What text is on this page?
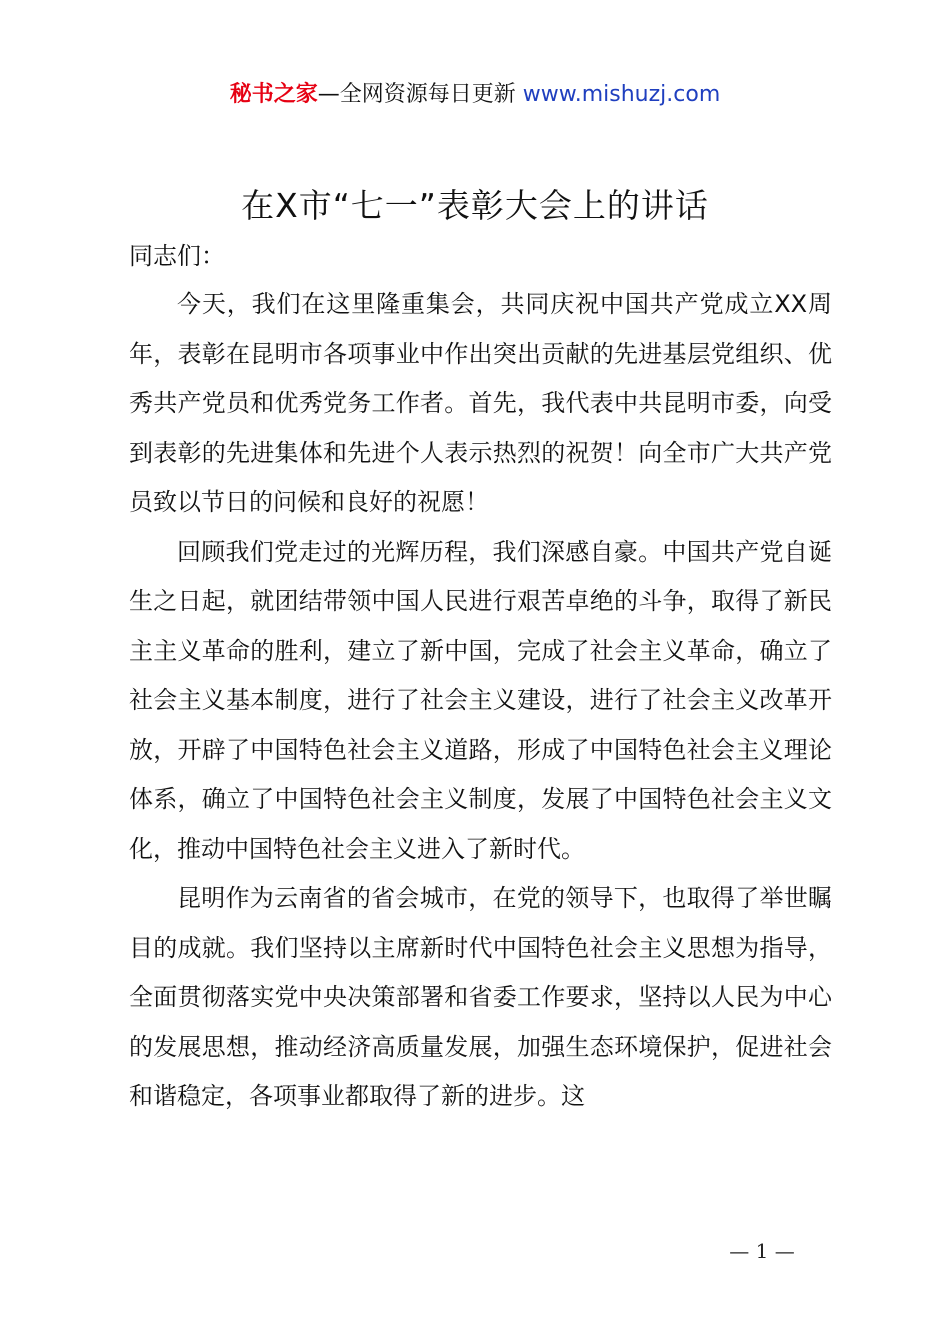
秘书之家—全网资源每日更新 www.mishuzj.com
在X市“七一”表彰大会上的讲话
同志们：

今天，我们在这里隆重集会，共同庆祝中国共产党成立XX周年，表彰在昆明市各项事业中作出突出贡献的先进基层党组织、优秀共产党员和优秀党务工作者。首先，我代表中共昆明市委，向受到表彰的先进集体和先进个人表示热烈的祝贺！向全市广大共产党员致以节日的问候和良好的祝愿！

回顾我们党走过的光辉历程，我们深感自豪。中国共产党自诞生之日起，就团结带领中国人民进行艰苦卓绝的斗争，取得了新民主主义革命的胜利，建立了新中国，完成了社会主义革命，确立了社会主义基本制度，进行了社会主义建设，进行了社会主义改革开放，开辟了中国特色社会主义道路，形成了中国特色社会主义理论体系，确立了中国特色社会主义制度，发展了中国特色社会主义文化，推动中国特色社会主义进入了新时代。

昆明作为云南省的省会城市，在党的领导下，也取得了举世瞩目的成就。我们坚持以主席新时代中国特色社会主义思想为指导，全面贯彻落实党中央决策部署和省委工作要求，坚持以人民为中心的发展思想，推动经济高质量发展，加强生态环境保护，促进社会和谐稳定，各项事业都取得了新的进步。这

— 1 —
